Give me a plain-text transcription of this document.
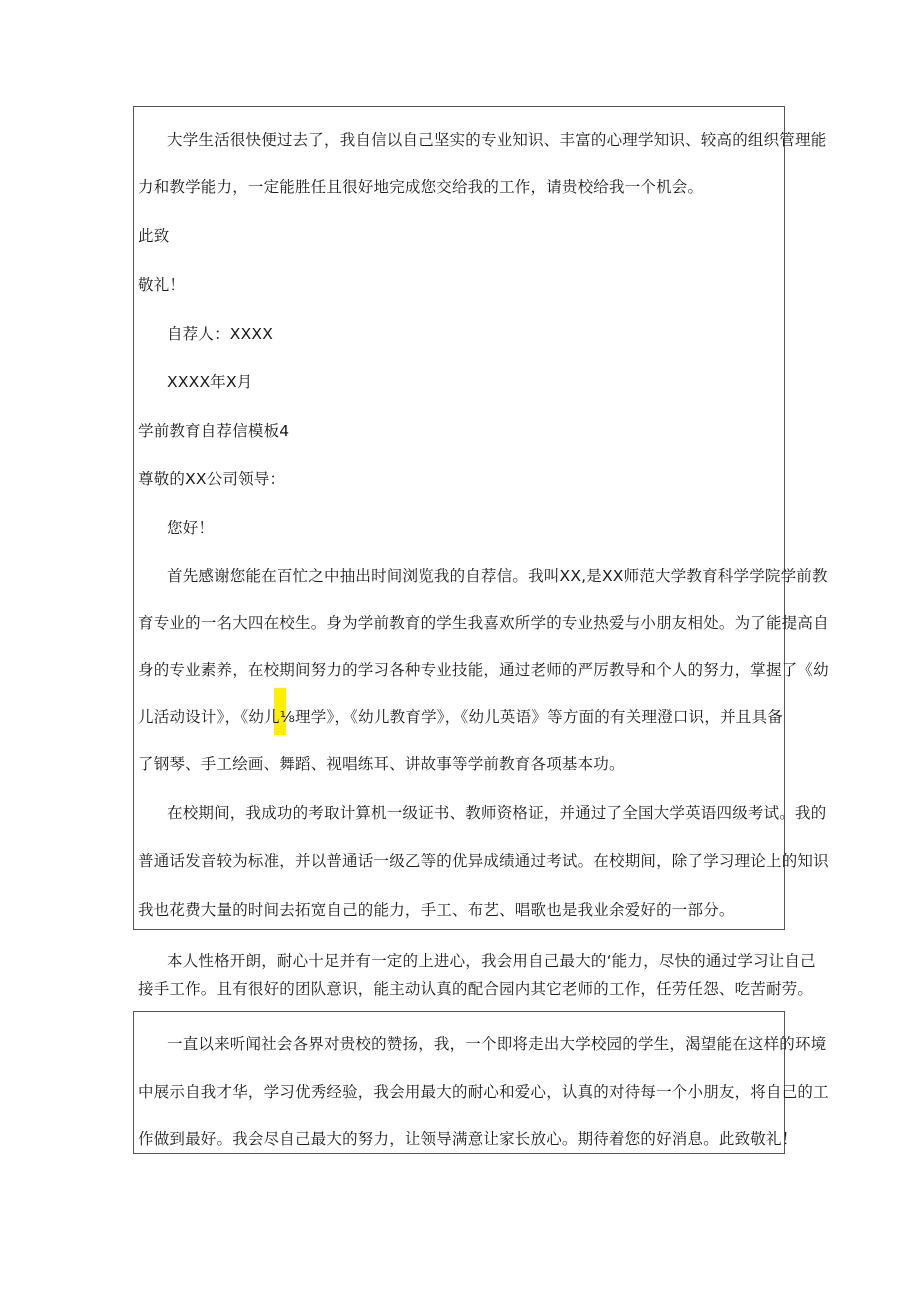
大学生活很快便过去了，我自信以自己坚实的专业知识、丰富的心理学知识、较高的组织管理能

力和教学能力，一定能胜任且很好地完成您交给我的工作，请贵校给我一个机会。

此致

敬礼！

自荐人：XXXX

XXXX年X月

学前教育自荐信模板4

尊敬的XX公司领导：

您好！

首先感谢您能在百忙之中抽出时间浏览我的自荐信。我叫XX,是XX师范大学教育科学学院学前教

育专业的一名大四在校生。身为学前教育的学生我喜欢所学的专业热爱与小朋友相处。为了能提高自

身的专业素养，在校期间努力的学习各种专业技能，通过老师的严厉教导和个人的努力，掌握了《幼

儿活动设计》，《幼儿⅛理学》，《幼儿教育学》，《幼儿英语》等方面的有关理澄口识，并且具备

了钢琴、手工绘画、舞蹈、视唱练耳、讲故事等学前教育各项基本功。

在校期间，我成功的考取计算机一级证书、教师资格证，并通过了全国大学英语四级考试。我的

普通话发音较为标准，并以普通话一级乙等的优异成绩通过考试。在校期间，除了学习理论上的知识

我也花费大量的时间去拓宽自己的能力，手工、布艺、唱歌也是我业余爱好的一部分。

本人性格开朗，耐心十足并有一定的上进心，我会用自己最大的‘能力，尽快的通过学习让自己

接手工作。且有很好的团队意识，能主动认真的配合园内其它老师的工作，任劳任怨、吃苦耐劳。

一直以来听闻社会各界对贵校的赞扬，我，一个即将走出大学校园的学生，渴望能在这样的环境

中展示自我才华，学习优秀经验，我会用最大的耐心和爱心，认真的对待每一个小朋友，将自己的工

作做到最好。我会尽自己最大的努力，让领导满意让家长放心。期待着您的好消息。此致敬礼！
